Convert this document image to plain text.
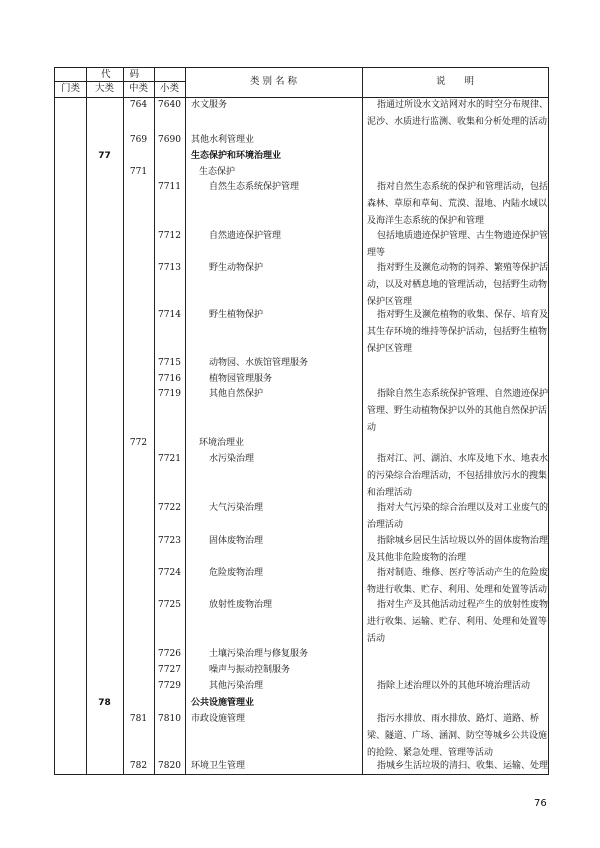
代　　码
门类	大类	中类	小类
类 别 名 称	说　　明
764	7640	水文服务	指通过所设水文站网对水的时空分布规律、泥沙、水质进行监测、收集和分析处理的活动
769	7690	其他水利管理业
77	生态保护和环境治理业
771	生态保护
7711	自然生态系统保护管理	指对自然生态系统的保护和管理活动，包括森林、草原和草甸、荒漠、湿地、内陆水域以及海洋生态系统的保护和管理
7712	自然遗迹保护管理	包括地质遗迹保护管理、古生物遗迹保护管理等
7713	野生动物保护	指对野生及濒危动物的饲养、繁殖等保护活动，以及对栖息地的管理活动，包括野生动物保护区管理
7714	野生植物保护	指对野生及濒危植物的收集、保存、培育及其生存环境的维持等保护活动，包括野生植物保护区管理
7715	动物园、水族馆管理服务
7716	植物园管理服务
7719	其他自然保护	指除自然生态系统保护管理、自然遗迹保护管理、野生动植物保护以外的其他自然保护活动
772	环境治理业
7721	水污染治理	指对江、河、湖泊、水库及地下水、地表水的污染综合治理活动，不包括排放污水的搜集和治理活动
7722	大气污染治理	指对大气污染的综合治理以及对工业废气的治理活动
7723	固体废物治理	指除城乡居民生活垃圾以外的固体废物治理及其他非危险废物的治理
7724	危险废物治理	指对制造、维修、医疗等活动产生的危险废物进行收集、贮存、利用、处理和处置等活动
7725	放射性废物治理	指对生产及其他活动过程产生的放射性废物进行收集、运输、贮存、利用、处理和处置等活动
7726	土壤污染治理与修复服务
7727	噪声与振动控制服务
7729	其他污染治理	指除上述治理以外的其他环境治理活动
78	公共设施管理业
781	7810	市政设施管理	指污水排放、雨水排放、路灯、道路、桥梁、隧道、广场、涵洞、防空等城乡公共设施的抢险、紧急处理、管理等活动
782	7820	环境卫生管理	指城乡生活垃圾的清扫、收集、运输、处理
76
